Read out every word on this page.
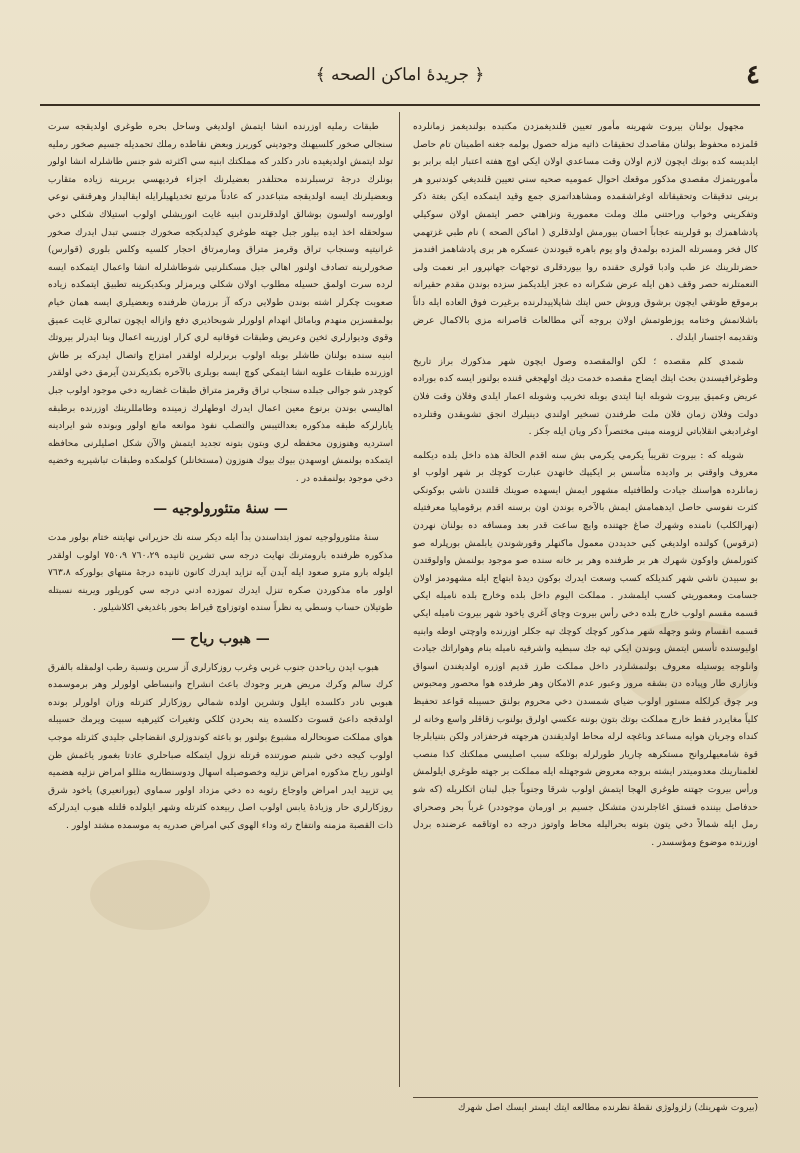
٤
﴿ جريدهٔ اماكن الصحه ﴾

مجهول بولنان بيروت شهرينه مأمور تعيين قلنديغمزدن مكتبده بولنديغمز زمانلرده قلمزده محفوظ بولنان مقاصدك تحقيقات ذاتيه مزله حصول بولمه جغنه اطمينان تام حاصل ايلديسه كده بونك ايچون لازم اولان وقت مساعدي اولان ايكي اوچ هفته اعتبار ايله برابر بو مأموريتمزك مقصدي مذكور موقعك احوال عموميه صحيه سني تعيين قلنديغي كوندنبرو هر برينى تدقيقات وتحقيقاتله اوغراشقمده ومشاهداتمزي جمع وقيد ايتمكده ايكن بغتة ذكر وتفكريني وخواب وراحتني ملك وملت معمورية ونزاهتي حصر ايتمش اولان سوكيلي پادشاهمزك بو قولرينه عجاباً احسان بيورمش اولدقلري ( اماكن الصحه ) نام طبي غزتهمي كال فخر ومسرتله المزده بولمدق واو يوم باهره قيودندن عسكره هر برى پادشاهمز افندمز حضرتلرينك عز طب وادبا قولرى حقنده روا بيوردقلرى توجهات جهانپرور ابر نعمت ولى النعمتلرنه حصر وقف ذهن ايله عرض شكرانه ده عجز ايلديكمز سزده بوندن مقدم حقيرانه برموقع طوتقي ايچون برشوق وروش حس ايتك شاپلاييدلرنده برغيرت فوق العاده ايله داتاً باشلانمش وختامه يوزطوتمش اولان بروجه آتي مطالعات قاصرانه مزي بالاكمال عرض وتقديمه اجتسار ايلدك .

شمدي كلم مقصده ؛ لكن اوالمقصده وصول ايچون شهر مذكورك براز تاريخ وطوغرافيسندن بحث ايتك ايضاح مقصده خدمت ديك اولهجغي قننده بولنور ايسه كده بوراده عريض وعميق بيروت شوبله اينا ايتدي بوبله تخريب وشوبله اعمار ايلدي وفلان وقت فلان دولت وفلان زمان فلان ملت طرفندن تسخير اولندي دينيلرك انجق تشويقدن وقتلرده اوغرادبغي انقلاباتي لزومنه مبنى مختصراً ذكر ويان ايله جكز .

شويله كه : بيروت تقريباً يكرمي يكرمي بش سنه اقدم الحالة هذه داخل بلده ديكلمه معروف واوقتي بر واديده متأسس بر ايكيپك خانهدن عبارت كوچك بر شهر اولوب او زمانلرده هواسنك جيادت ولطافتيله مشهور ايمش ايسهده صوينك قلتندن ناشي بوكونكي كثرت نفوسي حاصل ايدهمامش ايمش بالآخره بوندن اون برسنه اقدم برقوماپيا معرفتيله (نهرالكلب) نامنده وشهرك صاغ جهتنده وايچ ساعت قدر بعد ومسافه ده بولنان نهردن (ترقوس) كولنده اولديغي كبي حديددن معمول ماكنهلر وقورشوندن يابلمش بورپلرله صو كتورلمش واوكون شهرك هر بر طرفنده وهر بر خانه سنده صو موجود بولنمش واولوقتدن بو سبيدن ناشي شهر كنديلكه كسب وسعت ايدرك بوكون ديدهٔ ابتهاج ايله مشهودمز اولان جسامت ومعموريتي كسب ايلمشدر . مملكت اليوم داخل بلده وخارج بلده ناميله ايكي قسمه مقسم اولوب خارج بلده دخي رأس بيروت وچاي آغري ياخود شهر بيروت ناميله ايكي قسمه انقسام وشو وجهله شهر مذكور كوچك كوچك تپه جكلر اوزرنده واوچتي اوطه وابنيه اوليوسنده تأسس ايتمش وبوندن ايكي تپه جك سبطيه واشرفيه ناميله بنام وهواراتك جيادت وانلوجه يوستيله معروف بولنمشلردر داخل مملكت طرز قديم اوزره اولديغندن اسواق وبازاري طار وپياده دن بشقه مرور وعبور عدم الامكان وهر طرفده هوا محصور ومحبوس وبر چوق كرلكله مستور اولوب ضياي شمسدن دخي محروم بولنق حسيبله قواعد تحفيظ كلياً مغايردر فقط خارج مملكت بوتك بتون بوننه عكسي اولرق بولنوب زقاقلر واسع وخانه لر كنداه وجريان هوايه مساعد وباغچه لرله محاط اولديقندن هرجهته فرحفزادر ولكن بتنيابلرجا قوة شامعيهلروانح مستكرهه چاريار طورلرله بوتلكه سبب اصليسي مملكتك كذا منصب لغلمنارينك معدوميتدر ايشته بروجه معروض شوجهتله ايله مملكت بر جهته طوغري ايلولمش ورأس بيروت جهتنه طوغري الهجا ايتمش اولوب شرقا وجنوباً جبل لبنان اتكلريله (كه شو حدفاصل بيننده فستق اغاجلرندن متشكل جسيم بر اورمان موجوددر) غرباً بحر وصحراي رمل ايله شمالاً دخي يتون بتونه بحراليله محاط واوتوز درجه ده اوتاقمه عرضنده بردل اوزرنده موضوع ومؤسسدر .

طبقات رمليه اوزرنده انشا ايتمش اولديغي وساحل بحره طوغري اولديقجه سرت سنجالي صخور كلسيهنك وجوديني كوريرز وبعض نقاطده رملك تحمديله جسيم صخور رمليه تولد ايتمش اولديغيده نادر دكلدر كه مملكتك ابنيه سي اكثرته شو جنس طاشلرله انشا اولور بونلرك درجهٔ ترسبلرنده محتلفدر بعضيلرنك اجزاء فرديهسي بربرينه زياده متقارب وبعضيلرنك ايسه اولديقجه متباعددر كه عادتاً مرتبع تخديلهيلرايله ايقاليدار وهرقنقي نوعي اولورسه اولسون بوشالق اولدقلرندن ابنيه غايت انوريشلي اولوب استيلاك شكلي دخي سولحقله اخذ ايده بيلور جبل جهته طوغري كيدلديكجه صخورك جنسي تبدل ايدرك صخور غرانيتيه وسنجاب تراق وقرمز متراق ومارمرتاق احجار كلسيه وكلس بلوري (قوارس) صخورلرينه تصادف اولنور اهالي جبل مسكنلرنيي شوطاشلرله انشا واعمال ايتمكده ايسه لرده سرت اولمق حسيله مطلوب اولان شكلي ويرمزلر وبكديكرينه تطبيق ايتمكده زياده صعوبت چكرلر اشته بوندن طولايي دركه آز برزمان ظرفنده وبعضيلري ايسه همان خيام بولمقسزين منهدم وبامائل انهدام اولورلر شوبحاذيري دفع وازاله ايچون تمالري غايت عميق وقوي وديوارلري ثخين وعريض وطبقات فوقانيه لري كرار اوزرينه اعمال وبنا ايدرلر بيروتك ابنيه سنده بولنان طاشلر بوبله اولوب بربرلرله اولقدر امتزاج واتصال ايدركه بر طاش اوزرنده طبقات علويه انشا ايتمكي كوچ ايسه بوبلرى بالآخره بكديكرندن آيرمق دخي اولقدر كوچدر شو جوالى جبلده سنجاب تراق وقرمز متراق طبقات غضاريه دخي موجود اولوب جبل اهاليسي بوندن برنوع معين اعمال ايدرك اوطهلرك زمينده وطامللرينك اوزرنده برطبقه يابارلركه طبقه مذكوره بعدالتيبس والتصلب نفوذ موانعه مانع اولور وبونده شو ايرادينه استرديه وهنوزون محفظه لري وبتون بتونه تجديد ايتمش والآن شكل اصليلرنى محافظه ايتمكده بولنمش اوسهدن بيوك بيوك هنوزون (مستخانلر) كولمكده وطبقات تباشيريه وخضيه دخي موجود بولنمقده در .

— سنهٔ متئورولوجيه —

سنهٔ متئورولوجيه تموز ابتداسندن بدأ ايله ديكر سنه نك حزيراني نهايتنه ختام بولور مدت مذكوره ظرفنده بارومترنك نهايت درجه سي تشرين ثانيده ٧٦٠،٢٩ ٧٥٠،٩ اولوب اولقدر ايلوله بارو مترو صعود ايله آيدن آيه تزايد ايدرك كانون ثانيده درجهٔ منتهاي بولوركه ٧٦٣،٨ اولور ماه مذكوردن صكره تنزل ايدرك تموزده ادني درجه سي كوريلور ويرينه نسبتله طوتيلان حساب وسطي يه نظراً سنده اوتوزاوچ قيراط بحور باغديغي اكلاشيلور .

— هبوب رياح —

هبوب ايدن رياحدن جنوب غربي وغرب روزكارلري آز سرين ونسبة رطب اولمقله بالفرق كرك سالم وكرك مريض هربر وجودك باعث انشراح وانبساطي اولورلر وهر برموسمده هبوبي نادر دكلسده ايلول وتشرين اولده شمالي روزكارلر كثرتله وزان اولورلر بونده اولدقجه داعئ قسوت دكلسده ينه بحردن كلكي وتغيرات كثيرهيه سبيت ويرمك حسيبله هواي مملكت صوبحالرله مشبوع بولنور بو باعثه كوندوزلري انقضاجلي جليدي كثرتله موجب اولوب كيجه دخي شبنم صورتنده قرتله نزول ايتمكله صباحلري عادتا بغمور ياغمش ظن اولنور رياح مذكوره امراض نزليه وخصوصيله اسهال ودوسنطاريه مثللو امراض نزليه هضميه يي تزييد ايدر امراض واوجاع رثويه ده دخي مزداد اولور سماوي (يورانعيري) ياخود شرق روزكارلري حار وزيادهٔ يابس اولوب اصل ربيعده كثرتله وشهر ايلولده قلتله هبوب ايدرلركه ذات القصبة مزمنه وانتفاخ رئه وداء الهوى كبي امراض صدريه يه موسمده مشتد اولور .

(بيروت شهرينك) زلزولوژي نقطهٔ نظرنده مطالعه ايتك ايستر ايسك اصل شهرك
